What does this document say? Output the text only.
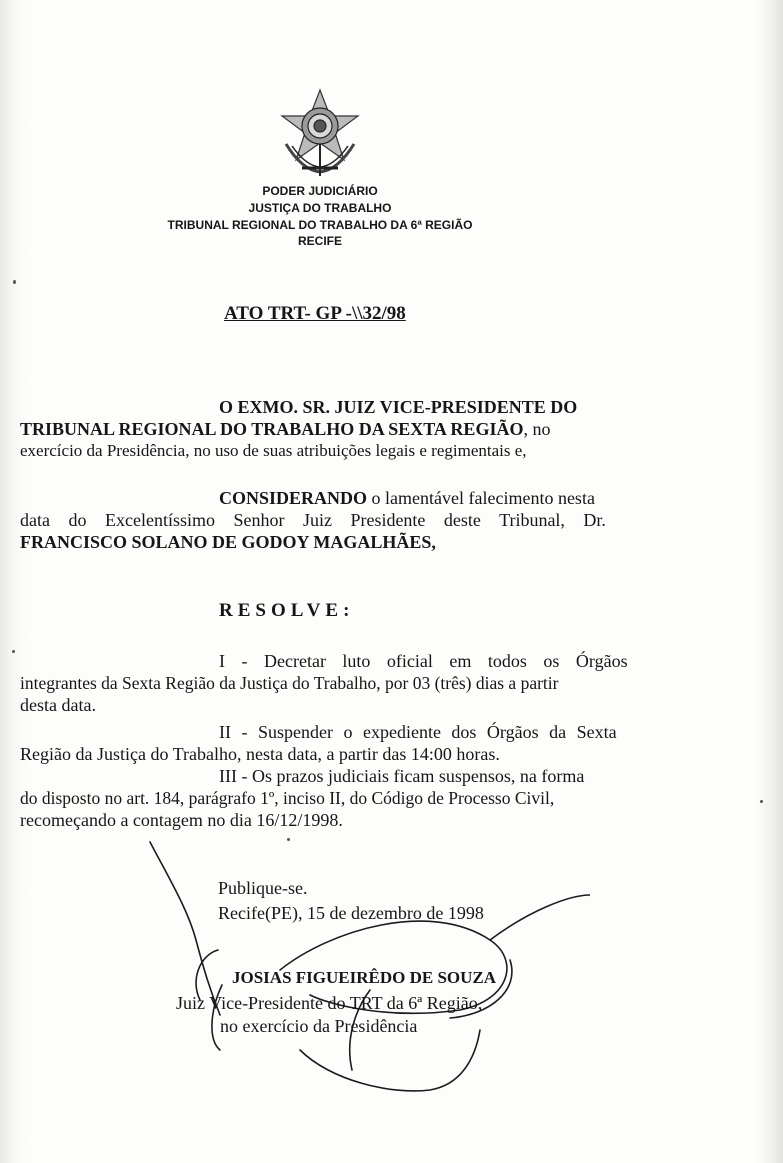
PODER JUDICIÁRIO
JUSTIÇA DO TRABALHO
TRIBUNAL REGIONAL DO TRABALHO DA 6ª REGIÃO
RECIFE
ATO TRT- GP -\\32/98
O EXMO. SR. JUIZ VICE-PRESIDENTE DO
TRIBUNAL REGIONAL DO TRABALHO DA SEXTA REGIÃO, no
exercício da Presidência, no uso de suas atribuições legais e regimentais e,
CONSIDERANDO o lamentável falecimento nesta
data do Excelentíssimo Senhor Juiz Presidente deste Tribunal, Dr.
FRANCISCO SOLANO DE GODOY MAGALHÃES,
RESOLVE:
I - Decretar luto oficial em todos os Órgãos
integrantes da Sexta Região da Justiça do Trabalho, por 03 (três) dias a partir
desta data.
II - Suspender o expediente dos Órgãos da Sexta
Região da Justiça do Trabalho, nesta data, a partir das 14:00 horas.
III - Os prazos judiciais ficam suspensos, na forma
do disposto no art. 184, parágrafo 1º, inciso II, do Código de Processo Civil,
recomeçando a contagem no dia 16/12/1998.
Publique-se.
Recife(PE), 15 de dezembro de 1998
JOSIAS FIGUEIRÊDO DE SOUZA
Juiz Vice-Presidente do TRT da 6ª Região,
no exercício da Presidência
